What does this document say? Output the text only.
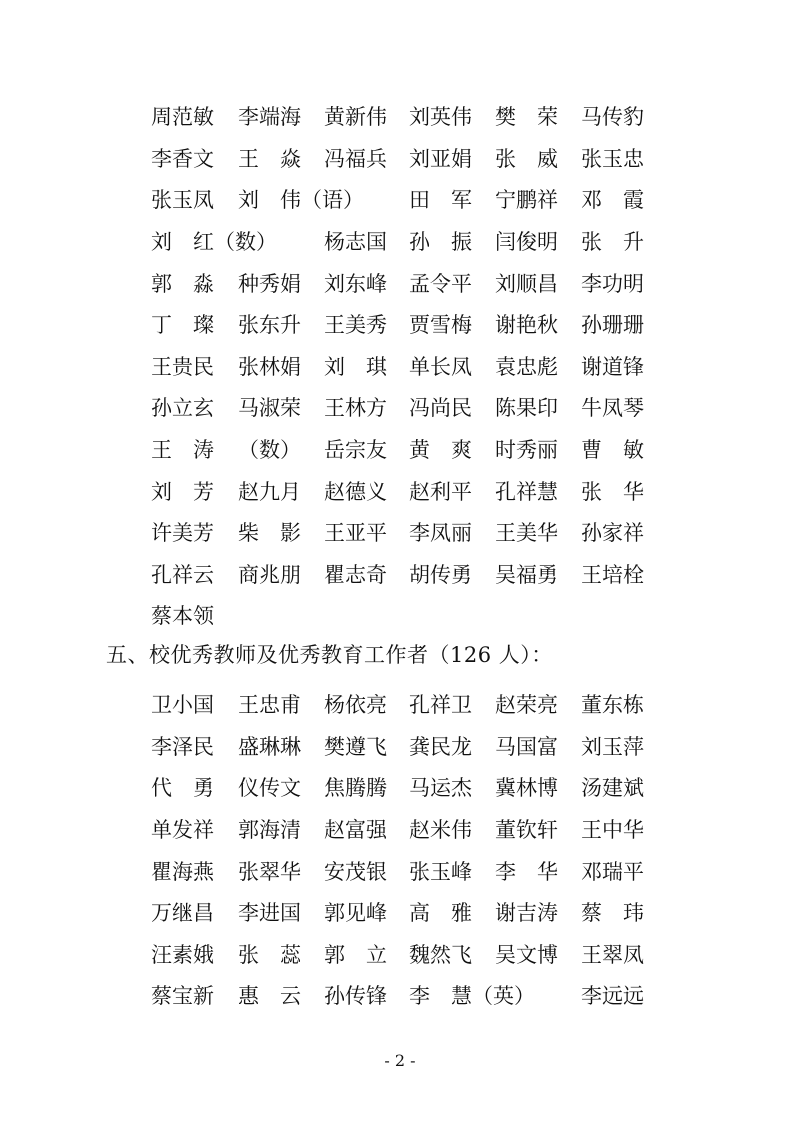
周范敏 李端海 黄新伟 刘英伟 樊　荣 马传豹
李香文 王　焱 冯福兵 刘亚娟 张　威 张玉忠
张玉凤 刘　伟（语） 田　军 宁鹏祥 邓　霞
刘　红（数） 杨志国 孙　振 闫俊明 张　升
郭　淼 种秀娟 刘东峰 孟令平 刘顺昌 李功明
丁　璨 张东升 王美秀 贾雪梅 谢艳秋 孙珊珊
王贵民 张林娟 刘　琪 单长凤 袁忠彪 谢道锋
孙立玄 马淑荣 王林方 冯尚民 陈果印 牛凤琴
王　涛 （数） 岳宗友 黄　爽 时秀丽 曹　敏
刘　芳 赵九月 赵德义 赵利平 孔祥慧 张　华
许美芳 柴　影 王亚平 李凤丽 王美华 孙家祥
孔祥云 商兆朋 瞿志奇 胡传勇 吴福勇 王培栓
蔡本领
五、校优秀教师及优秀教育工作者（126 人）：
卫小国 王忠甫 杨依亮 孔祥卫 赵荣亮 董东栋
李泽民 盛琳琳 樊遵飞 龚民龙 马国富 刘玉萍
代　勇 仪传文 焦腾腾 马运杰 冀林博 汤建斌
单发祥 郭海清 赵富强 赵米伟 董钦轩 王中华
瞿海燕 张翠华 安茂银 张玉峰 李　华 邓瑞平
万继昌 李进国 郭见峰 高　雅 谢吉涛 蔡　玮
汪素娥 张　蕊 郭　立 魏然飞 吴文博 王翠凤
蔡宝新 惠　云 孙传锋 李　慧（英） 李远远
- 2 -
